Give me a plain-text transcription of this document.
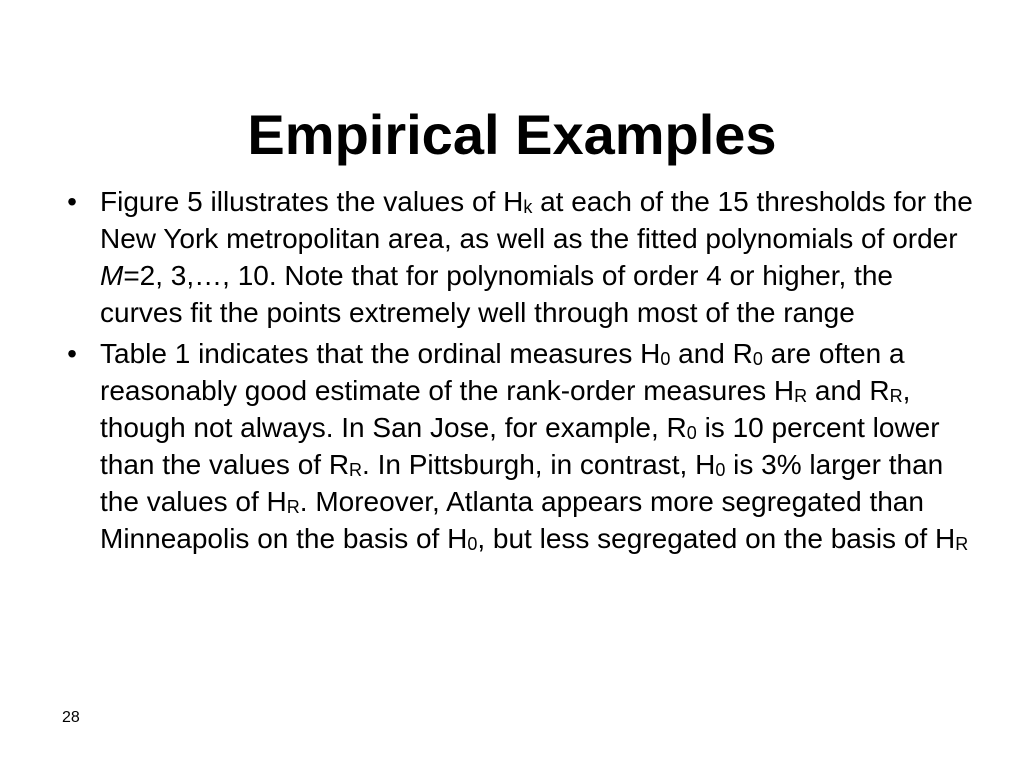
Empirical Examples
• Figure 5 illustrates the values of $H_k$ at each of the 15 thresholds for the New York metropolitan area, as well as the fitted polynomials of order M=2, 3,…, 10. Note that for polynomials of order 4 or higher, the curves fit the points extremely well through most of the range
• Table 1 indicates that the ordinal measures $H_0$ and $R_0$ are often a reasonably good estimate of the rank-order measures $H_R$ and $R_R$, though not always. In San Jose, for example, $R_0$ is 10 percent lower than the values of $R_R$. In Pittsburgh, in contrast, $H_0$ is 3% larger than the values of $H_R$. Moreover, Atlanta appears more segregated than Minneapolis on the basis of $H_0$, but less segregated on the basis of $H_R$
28
